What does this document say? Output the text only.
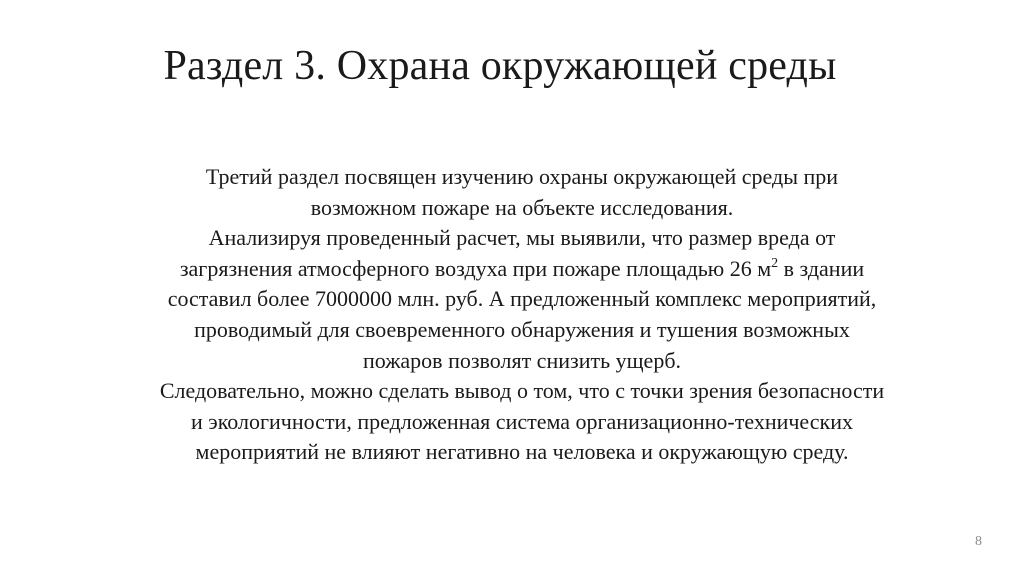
Раздел 3. Охрана окружающей среды
Третий раздел посвящен изучению охраны окружающей среды при
возможном пожаре на объекте исследования.
Анализируя проведенный расчет, мы выявили, что размер вреда от
загрязнения атмосферного воздуха при пожаре площадью 26 $м^2$ в здании
составил более 7000000 млн. руб. А предложенный комплекс мероприятий,
проводимый для своевременного обнаружения и тушения возможных
пожаров позволят снизить ущерб.
Следовательно, можно сделать вывод о том, что с точки зрения безопасности
и экологичности, предложенная система организационно-технических
мероприятий не влияют негативно на человека и окружающую среду.
8
